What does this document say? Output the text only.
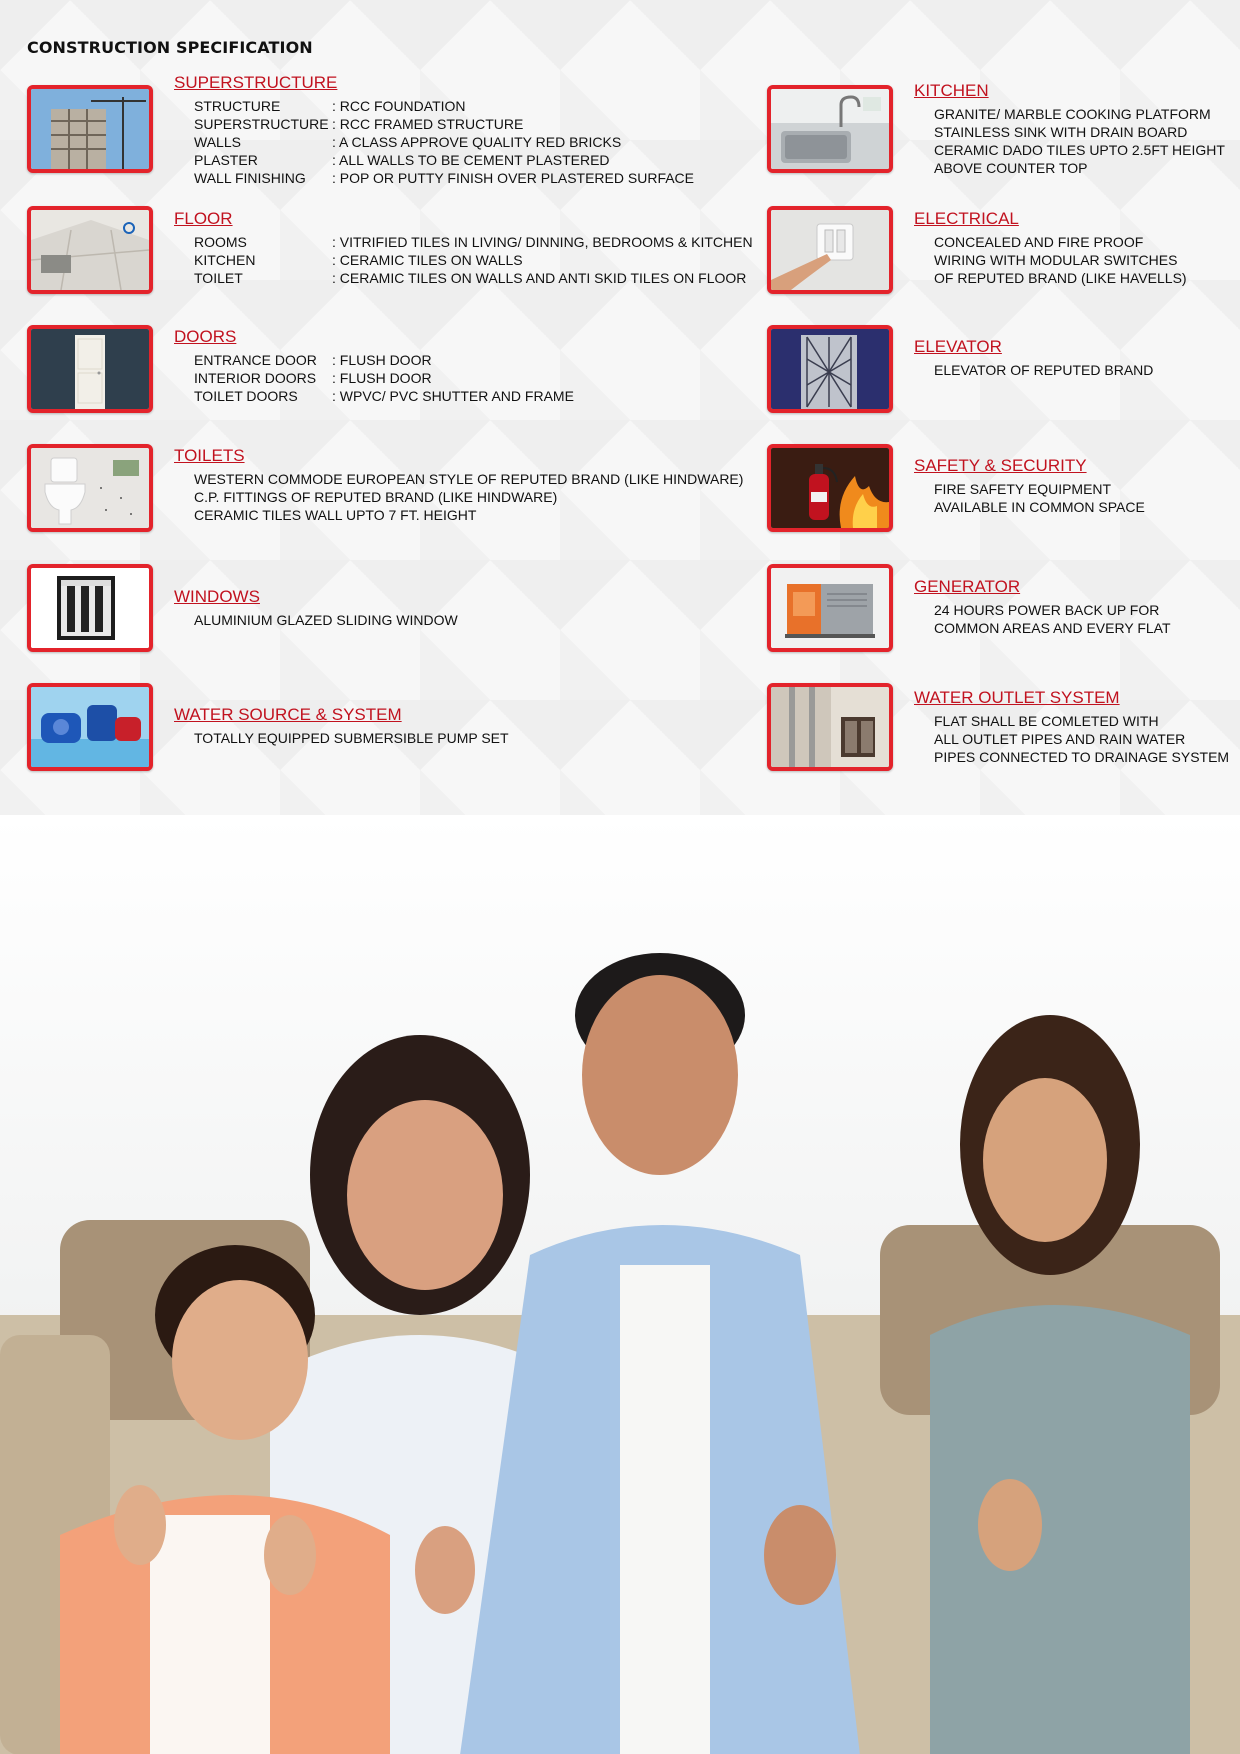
CONSTRUCTION SPECIFICATION
SUPERSTRUCTURE
STRUCTURE	: RCC FOUNDATION
SUPERSTRUCTURE : RCC FRAMED STRUCTURE
WALLS	: A CLASS APPROVE QUALITY RED BRICKS
PLASTER	: ALL WALLS TO BE CEMENT PLASTERED
WALL FINISHING	: POP OR PUTTY FINISH OVER PLASTERED SURFACE
FLOOR
ROOMS	: VITRIFIED TILES IN LIVING/ DINNING, BEDROOMS & KITCHEN
KITCHEN	: CERAMIC TILES ON WALLS
TOILET	: CERAMIC TILES ON WALLS AND ANTI SKID TILES ON FLOOR
DOORS
ENTRANCE DOOR	: FLUSH DOOR
INTERIOR DOORS	: FLUSH DOOR
TOILET DOORS	: WPVC/ PVC SHUTTER AND FRAME
TOILETS
WESTERN COMMODE EUROPEAN STYLE OF REPUTED BRAND (LIKE HINDWARE)
C.P. FITTINGS OF REPUTED BRAND (LIKE HINDWARE)
CERAMIC TILES WALL UPTO 7 FT. HEIGHT
WINDOWS
ALUMINIUM GLAZED SLIDING WINDOW
WATER SOURCE & SYSTEM
TOTALLY EQUIPPED SUBMERSIBLE PUMP SET
KITCHEN
GRANITE/ MARBLE COOKING PLATFORM
STAINLESS SINK WITH DRAIN BOARD
CERAMIC DADO TILES UPTO 2.5FT HEIGHT
ABOVE COUNTER TOP
ELECTRICAL
CONCEALED AND FIRE PROOF
WIRING WITH MODULAR SWITCHES
OF REPUTED BRAND (LIKE HAVELLS)
ELEVATOR
ELEVATOR OF REPUTED BRAND
SAFETY & SECURITY
FIRE SAFETY EQUIPMENT
AVAILABLE IN COMMON SPACE
GENERATOR
24 HOURS POWER BACK UP FOR
COMMON AREAS AND EVERY FLAT
WATER OUTLET SYSTEM
FLAT SHALL BE COMLETED WITH
ALL OUTLET PIPES AND RAIN WATER
PIPES CONNECTED TO DRAINAGE SYSTEM
